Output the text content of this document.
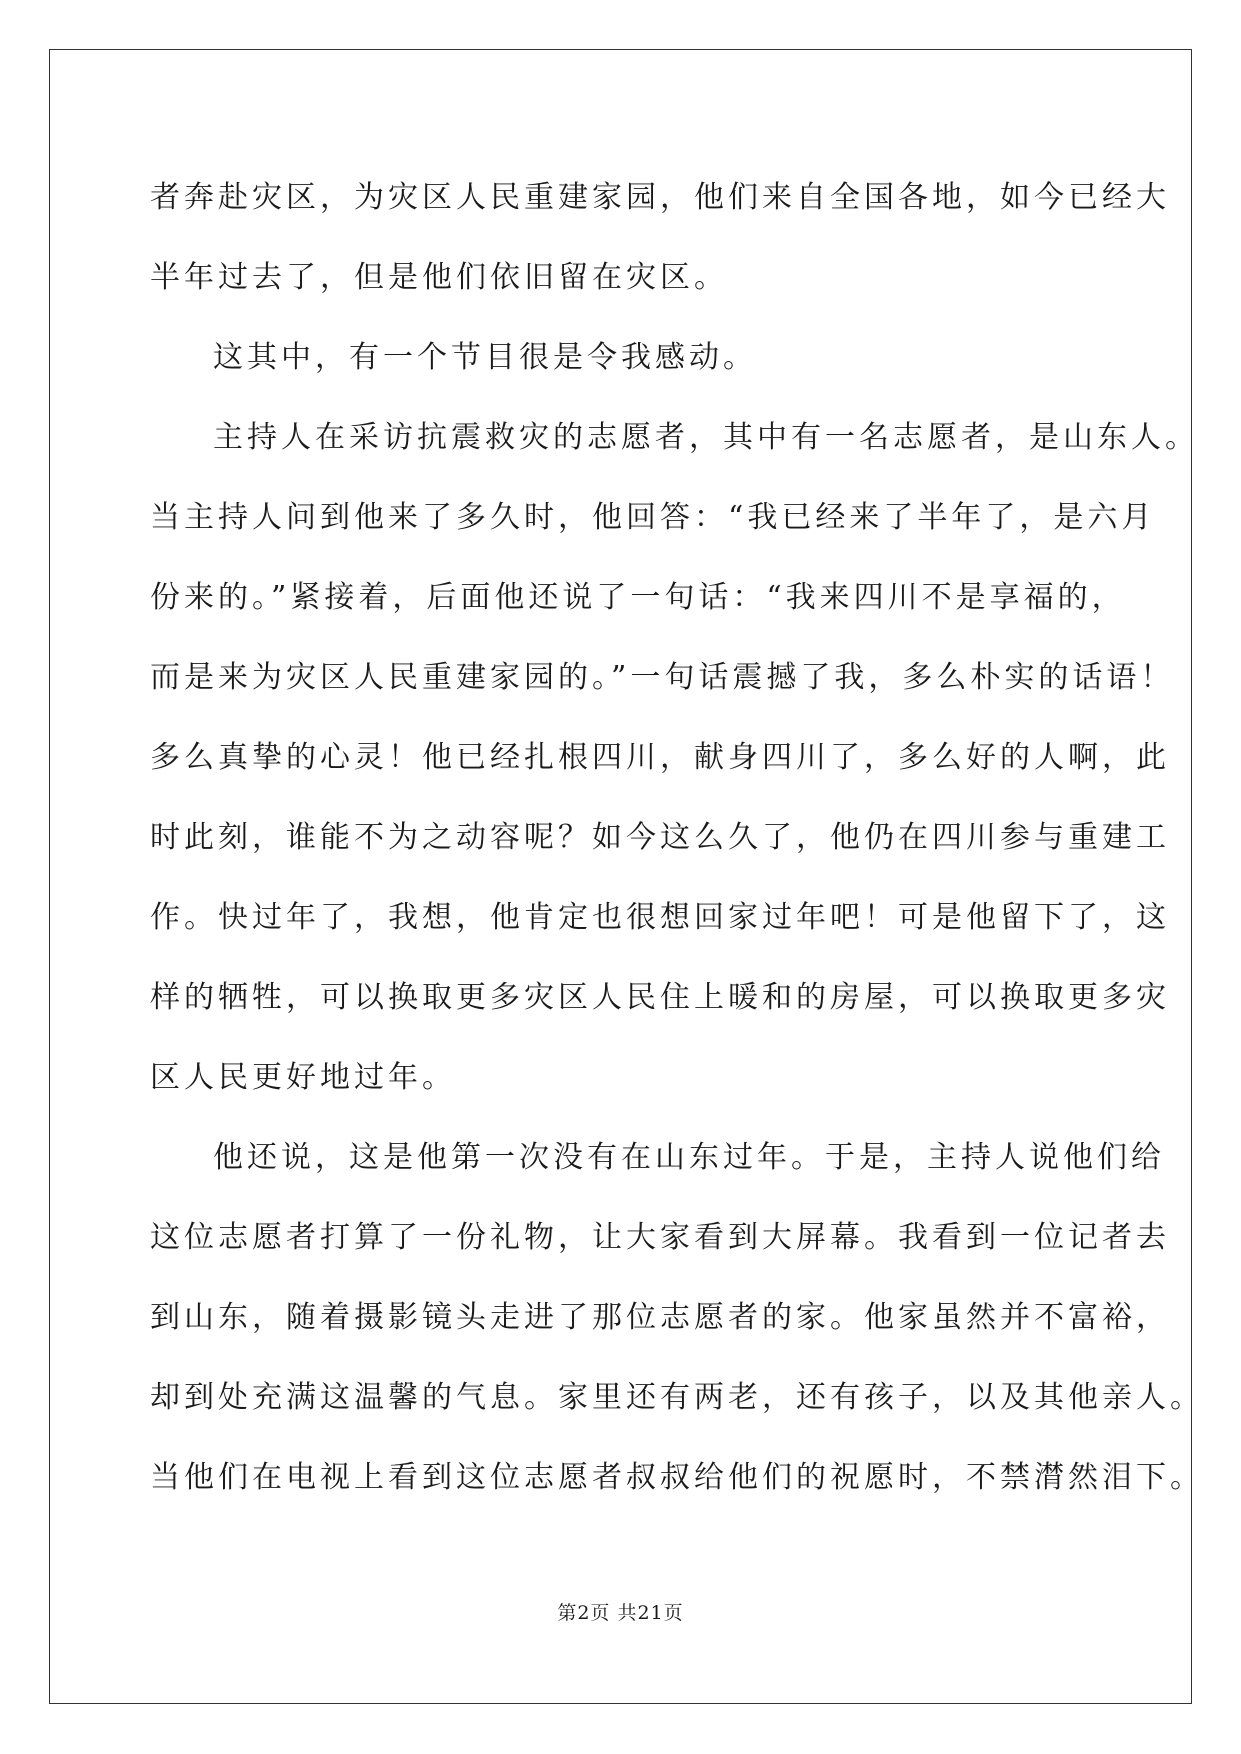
者奔赴灾区，为灾区人民重建家园，他们来自全国各地，如今已经大
半年过去了，但是他们依旧留在灾区。
这其中，有一个节目很是令我感动。
主持人在采访抗震救灾的志愿者，其中有一名志愿者，是山东人。
当主持人问到他来了多久时，他回答：“我已经来了半年了，是六月
份来的。”紧接着，后面他还说了一句话：“我来四川不是享福的，
而是来为灾区人民重建家园的。”一句话震撼了我，多么朴实的话语！
多么真挚的心灵！他已经扎根四川，献身四川了，多么好的人啊，此
时此刻，谁能不为之动容呢？如今这么久了，他仍在四川参与重建工
作。快过年了，我想，他肯定也很想回家过年吧！可是他留下了，这
样的牺牲，可以换取更多灾区人民住上暖和的房屋，可以换取更多灾
区人民更好地过年。
他还说，这是他第一次没有在山东过年。于是，主持人说他们给
这位志愿者打算了一份礼物，让大家看到大屏幕。我看到一位记者去
到山东，随着摄影镜头走进了那位志愿者的家。他家虽然并不富裕，
却到处充满这温馨的气息。家里还有两老，还有孩子，以及其他亲人。
当他们在电视上看到这位志愿者叔叔给他们的祝愿时，不禁潸然泪下。
第2页 共21页
